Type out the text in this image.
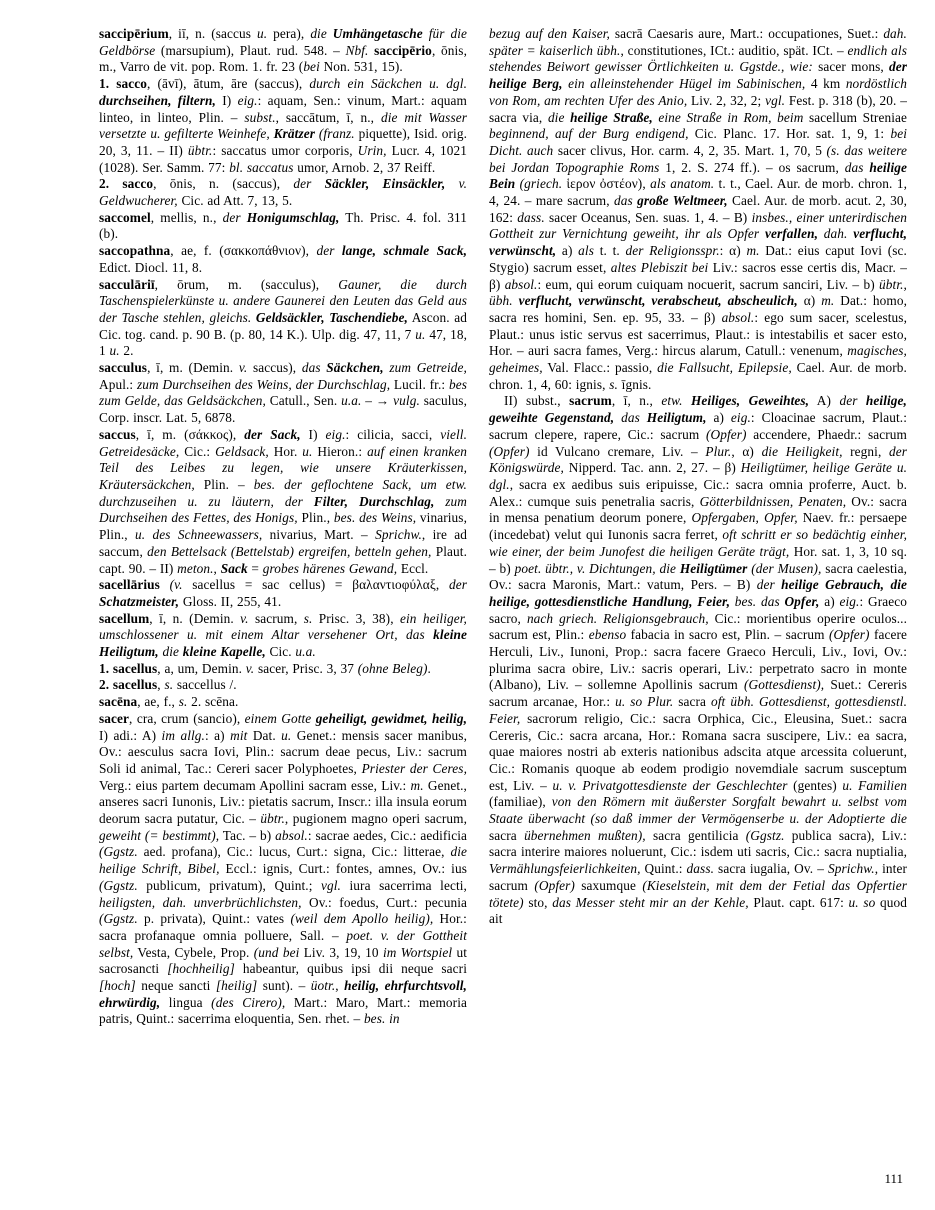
saccipērium, iī, n. (saccus u. pera), die Umhängetasche für die Geldbörse (marsupium), Plaut. rud. 548. – Nbf. saccipērio, ōnis, m., Varro de vit. pop. Rom. 1. fr. 23 (bei Non. 531, 15).

1. sacco, (āvī), ātum, āre (saccus), durch ein Säckchen u. dgl. durchseihen, filtern, I) eig.: aquam, Sen.: vinum, Mart.: aquam linteo, in linteo, Plin. – subst., saccātum, ī, n., die mit Wasser versetzte u. gefilterte Weinhefe, Krätzer (franz. piquette), Isid. orig. 20, 3, 11. – II) übtr.: saccatus umor corporis, Urin, Lucr. 4, 1021 (1028). Ser. Samm. 77: bl. saccatus umor, Arnob. 2, 37 Reiff.

2. sacco, ōnis, n. (saccus), der Säckler, Einsäckler, v. Geldwucherer, Cic. ad Att. 7, 13, 5.

saccomel, mellis, n., der Honigumschlag, Th. Prisc. 4. fol. 311 (b).

saccopathna, ae, f. (σακκοπάθνιον), der lange, schmale Sack, Edict. Diocl. 11, 8.

sacculāriī, ōrum, m. (sacculus), Gauner, die durch Taschenspielerkünste u. andere Gaunerei den Leuten das Geld aus der Tasche stehlen, gleichs. Geldsäckler, Taschendiebe, Ascon. ad Cic. tog. cand. p. 90 B. (p. 80, 14 K.). Ulp. dig. 47, 11, 7 u. 47, 18, 1 u. 2.

sacculus, ī, m. (Demin. v. saccus), das Säckchen, zum Getreide, Apul.: zum Durchseihen des Weins, der Durchschlag, Lucil. fr.: bes zum Gelde, das Geldsäckchen, Catull., Sen. u.a. – → vulg. saculus, Corp. inscr. Lat. 5, 6878.

saccus, ī, m. (σάκκος), der Sack, I) eig.: cilicia, sacci, viell. Getreidesäcke, Cic.: Geldsack, Hor. u. Hieron.: auf einen kranken Teil des Leibes zu legen, wie unsere Kräuterkissen, Kräutersäckchen, Plin. – bes. der geflochtene Sack, um etw. durchzuseihen u. zu läutern, der Filter, Durchschlag, zum Durchseihen des Fettes, des Honigs, Plin., bes. des Weins, vinarius, Plin., u. des Schneewassers, nivarius, Mart. – Sprichw., ire ad saccum, den Bettelsack (Bettelstab) ergreifen, betteln gehen, Plaut. capt. 90. – II) meton., Sack = grobes härenes Gewand, Eccl.

sacellārius (v. sacellus = sac cellus) = βαλαντιοφύλαξ, der Schatzmeister, Gloss. II, 255, 41.

sacellum, ī, n. (Demin. v. sacrum, s. Prisc. 3, 38), ein heiliger, umschlossener u. mit einem Altar versehener Ort, das kleine Heiligtum, die kleine Kapelle, Cic. u.a.

1. sacellus, a, um, Demin. v. sacer, Prisc. 3, 37 (ohne Beleg).

2. sacellus, s. saccellus /.

sacēna, ae, f., s. 2. scēna.

sacer, cra, crum (sancio), einem Gotte geheiligt, gewidmet, heilig, I) adi.: A) im allg.: a) mit Dat. u. Genet.: mensis sacer manibus, Ov.: aesculus sacra Iovi, Plin.: sacrum deae pecus, Liv.: sacrum Soli id animal, Tac.: Cereri sacer Polyphoetes, Priester der Ceres, Verg.: eius partem decumam Apollini sacram esse, Liv.: m. Genet., anseres sacri Iunonis, Liv.: pietatis sacrum, Inscr.: illa insula eorum deorum sacra putatur, Cic. – übtr., pugionem magno operi sacrum, geweiht (= bestimmt), Tac. – b) absol.: sacrae aedes, Cic.: aedificia (Ggstz. aed. profana), Cic.: lucus, Curt.: signa, Cic.: litterae, die heilige Schrift, Bibel, Eccl.: ignis, Curt.: fontes, amnes, Ov.: ius (Ggstz. publicum, privatum), Quint.; vgl. iura sacerrima lecti, heiligsten, dah. unverbrüchlichsten, Ov.: foedus, Curt.: pecunia (Ggstz. p. privata), Quint.: vates (weil dem Apollo heilig), Hor.: sacra profanaque omnia polluere, Sall. – poet. v. der Gottheit selbst, Vesta, Cybele, Prop. (und bei Liv. 3, 19, 10 im Wortspiel ut sacrosancti [hochheilig] habeantur, quibus ipsi dii neque sacri [hoch] neque sancti [heilig] sunt). – üotr., heilig, ehrfurchtsvoll, ehrwürdig, lingua (des Cirero), Mart.: Maro, Mart.: memoria patris, Quint.: sacerrima eloquentia, Sen. rhet. – bes. in

bezug auf den Kaiser, sacrā Caesaris aure, Mart.: occupationes, Suet.: dah. später = kaiserlich übh., constitutiones, ICt.: auditio, spät. ICt. – endlich als stehendes Beiwort gewisser Örtlichkeiten u. Ggstde., wie: sacer mons, der heilige Berg, ein alleinstehender Hügel im Sabinischen, 4 km nordöstlich von Rom, am rechten Ufer des Anio, Liv. 2, 32, 2; vgl. Fest. p. 318 (b), 20. – sacra via, die heilige Straße, eine Straße in Rom, beim sacellum Streniae beginnend, auf der Burg endigend, Cic. Planc. 17. Hor. sat. 1, 9, 1: bei Dicht. auch sacer clivus, Hor. carm. 4, 2, 35. Mart. 1, 70, 5 (s. das weitere bei Jordan Topographie Roms 1, 2. S. 274 ff.). – os sacrum, das heilige Bein (griech. ἱερον ὀστέον), als anatom. t. t., Cael. Aur. de morb. chron. 1, 4, 24. – mare sacrum, das große Weltmeer, Cael. Aur. de morb. acut. 2, 30, 162: dass. sacer Oceanus, Sen. suas. 1, 4. – B) insbes., einer unterirdischen Gottheit zur Vernichtung geweiht, ihr als Opfer verfallen, dah. verflucht, verwünscht, a) als t. t. der Religionsspr.: α) m. Dat.: eius caput Iovi (sc. Stygio) sacrum esset, altes Plebiszit bei Liv.: sacros esse certis dis, Macr. – β) absol.: eum, qui eorum cuiquam nocuerit, sacrum sanciri, Liv. – b) übtr., übh. verflucht, verwünscht, verabscheut, abscheulich, α) m. Dat.: homo, sacra res homini, Sen. ep. 95, 33. – β) absol.: ego sum sacer, scelestus, Plaut.: unus istic servus est sacerrimus, Plaut.: is intestabilis et sacer esto, Hor. – auri sacra fames, Verg.: hircus alarum, Catull.: venenum, magisches, geheimes, Val. Flacc.: passio, die Fallsucht, Epilepsie, Cael. Aur. de morb. chron. 1, 4, 60: ignis, s. īgnis.

II) subst., sacrum, ī, n., etw. Heiliges, Geweihtes, A) der heilige, geweihte Gegenstand, das Heiligtum, a) eig.: Cloacinae sacrum, Plaut.: sacrum clepere, rapere, Cic.: sacrum (Opfer) accendere, Phaedr.: sacrum (Opfer) id Vulcano cremare, Liv. – Plur., α) die Heiligkeit, regni, der Königswürde, Nipperd. Tac. ann. 2, 27. – β) Heiligtümer, heilige Geräte u. dgl., sacra ex aedibus suis eripuisse, Cic.: sacra omnia proferre, Auct. b. Alex.: cumque suis penetralia sacris, Götterbildnissen, Penaten, Ov.: sacra in mensa penatium deorum ponere, Opfergaben, Opfer, Naev. fr.: persaepe (incedebat) velut qui Iunonis sacra ferret, oft schritt er so bedächtig einher, wie einer, der beim Junofest die heiligen Geräte trägt, Hor. sat. 1, 3, 10 sq. – b) poet. übtr., v. Dichtungen, die Heiligtümer (der Musen), sacra caelestia, Ov.: sacra Maronis, Mart.: vatum, Pers. – B) der heilige Gebrauch, die heilige, gottesdienstliche Handlung, Feier, bes. das Opfer, a) eig.: Graeco sacro, nach griech. Religionsgebrauch, Cic.: morientibus operire oculos... sacrum est, Plin.: ebenso fabacia in sacro est, Plin. – sacrum (Opfer) facere Herculi, Liv., Iunoni, Prop.: sacra facere Graeco Herculi, Liv., Iovi, Ov.: plurima sacra obire, Liv.: sacris operari, Liv.: perpetrato sacro in monte (Albano), Liv. – sollemne Apollinis sacrum (Gottesdienst), Suet.: Cereris sacrum arcanae, Hor.: u. so Plur. sacra oft übh. Gottesdienst, gottesdienstl. Feier, sacrorum religio, Cic.: sacra Orphica, Cic., Eleusina, Suet.: sacra Cereris, Cic.: sacra arcana, Hor.: Romana sacra suscipere, Liv.: ea sacra, quae maiores nostri ab exteris nationibus adscita atque arcessita coluerunt, Cic.: Romanis quoque ab eodem prodigio novemdiale sacrum susceptum est, Liv. – u. v. Privatgottesdienste der Geschlechter (gentes) u. Familien (familiae), von den Römern mit äußerster Sorgfalt bewahrt u. selbst vom Staate überwacht (so daß immer der Vermögenserbe u. der Adoptierte die sacra übernehmen mußten), sacra gentilicia (Ggstz. publica sacra), Liv.: sacra interire maiores noluerunt, Cic.: isdem uti sacris, Cic.: sacra nuptialia, Vermählungsfeierlichkeiten, Quint.: dass. sacra iugalia, Ov. – Sprichw., inter sacrum (Opfer) saxumque (Kieselstein, mit dem der Fetial das Opfertier tötete) sto, das Messer steht mir an der Kehle, Plaut. capt. 617: u. so quod ait

111
